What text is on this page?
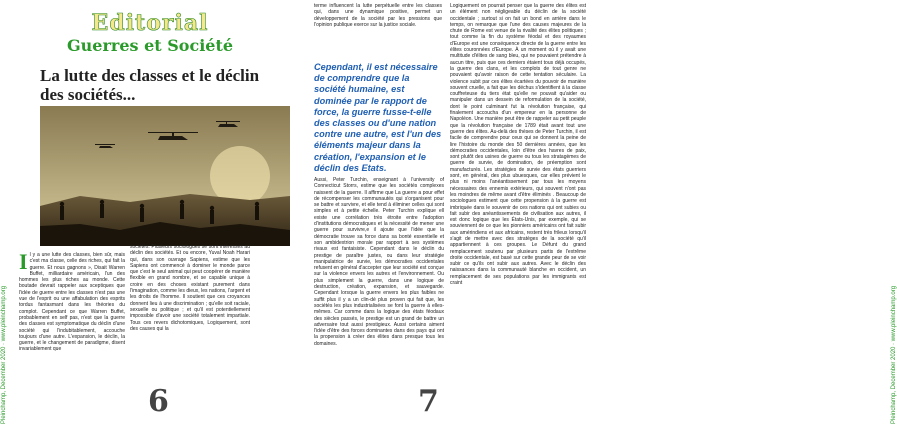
Pleinchamp, December 2020 · www.pleinchamp.org
Editorial
Guerres et Société
La lutte des classes et le déclin des sociétés...
I l y a une lutte des classes, bien sûr, mais c'est ma classe, celle des riches, qui fait la guerre. Et nous gagnons », Disait Warren Buffet, milliardaire américain, l'un des hommes les plus riches au monde. Cette boutade devrait rappeler aux sceptiques que l'idée de guerre entre les classes n'est pas une vue de l'esprit ou une affabulation des esprits tordus fantasmant dans les théories du complot. Cependant ce que Warren Buffet, probablement en self pas, n'est que la guerre des classes est symptomatique du déclin d'une société qui l'indubitablement, accouche toujours d'une autre. L'expansion, le déclin, la guerre, et le changement de paradigme, disent invariablement que
sociétés. Plusieurs sociologues se sont intéressés au déclin des sociétés. Et ou encore, Yuval Noah Harari qui, dans son ouvrage Sapiens, estime que les Sapiens ont commencé à dominer le monde parce que c'est le seul animal qui peut coopérer de manière flexible en grand nombre, et se capable unique à croire en des choses existant purement dans l'imagination, comme les dieux, les nations, l'argent et les droits de l'homme. Il soutient que ces croyances donnent lieu à une discrimination ; qu'elle soit raciale, sexuelle ou politique ; et qu'il est potentiellement impossible d'avoir une société totalement impartiale. Tous ces revers dichotomiques, Logiquement, sont des causes qui la
6
terme influencent la lutte perpétuelle entre les classes qui, dans une dynamique positive, permet un développement de la société par les pressions que l'opinion publique exerce sur la justice sociale.
Cependant, il est nécessaire de comprendre que la société humaine, est dominée par le rapport de force, la guerre fusse-t-elle des classes ou d'une nation contre une autre, est l'un des éléments majeur dans la création, l'expansion et le déclin des Etats.
Aussi, Peter Turchin, enseignant à l'university of Connecticut Storrs, estime que les sociétés complexes naissent de la guerre. Il affirme que La guerre a pour effet de récompenser les communautés qui s'organisent pour se battre et survivre, et elle tend à éliminer celles qui sont simples et à petite échelle. Peter Turchin explique ell existe une corrélation très étroite entre l'adoption d'institutions démocratiques et la nécessité de mener une guerre pour survivre,e il ajoute que l'idée que la démocratie trouve sa force dans sa bonté essentielle et son ambidextrion morale par rapport à ses systèmes rivaux est fantaisiste. Cependant dans le déclin du prestige de paraître justes, ou dans leur stratégie manipulatrice de survie, les démocraties occidentales refusent en général d'accepter que leur société est conçue sur la violence envers les autres et l'environnement. Ou plus simplement la guerre, dans une logique de destruction, création, expansion, et sauvegarde. Cependant lorsque la guerre envers les plus faibles ne suffit plus il y a un clin-dé plus proven qui fait que, les sociétés les plus industrialisées se font la guerre à elles-mêmes. Car comme dans la logique des états féodaux des siècles passés, le prestige est un grand de battre un adversaire tout aussi prestigieux. Aussi certains aiment l'idée d'être des forces dominantes dans des pays qui ont la propension à créer des élites dans presque tous les domaines.
Logiquement on pourrait penser que la guerre des élites est un élément non négligeable du déclin de la société occidentale ; surtout si on fait un bond en arrière dans le temps, on remarque que l'une des causes majeures de la chute de Rome est venue de la rivalité des élites politiques ; tout comme la fin du système féodal et des royaumes d'Europe est une conséquence directe de la guerre entre les élites couronnées d'Europe. À un moment où il y avait une multitude d'élites de sang bleu, qui ne pouvaient prétendre à aucun titre, puis que ces derniers étaient tous déjà occupés, la guerre des clans, et les complots de tout genre ne pouvaient qu'avoir raison de cette tentation séculaire. La violence subit par ces élites écartées du pouvoir de manière souvent cruelle, a fait que les déchus s'identifient à la classe couffreteuse du tiers état qu'elle ne pouvait qu'aider ou manipuler dans un dessein de reformulation de la société, dont le point culminant fut la révolution française, qui finalement accoucha d'un empereur en la personne de Napoléon. Une manière peut être de rappeler au petit peuple que la révolution française de 1789 était avant tout une guerre des élites. Au-delà des thèses de Peter Turchin, il est facile de comprendre pour ceux qui se donnent la peine de lire l'histoire du monde des 50 dernières années, que les démocraties occidentales, loin d'être des havres de paix, sont plutôt des usines de guerre ou tous les stratagèmes de guerre de survie, de domination, de préemption sont manufacturés. Les stratégies de survie des états guerriers sont, en général, des plus ubuesques, car elles prévient le plus ni moins l'anéantissement par tous les moyens nécessaires des ennemis extérieurs, qui souvent n'ont pas les moindres de même avant d'être éliminés . Beaucoup de sociologues estiment que cette propension à la guerre est imbriquée dans le souvenir de ces nations qui ont subies ou fait subir des anéantissements de civilisation aux autres, il est donc logique que les États-Unis, par exemple, qui se souviennent de ce que les pionniers américains ont fait subir aux amérindiens et aux africains, restent très frileux lorsqu'il s'agit de mettre avec des stratèges de la société qu'il appartiennent à ces groupes. Le Défunt du grand remplacement soutenu par plusieurs partis de l'extrême droite occidentale, est basé sur cette grande peur de se voir subir ce qu'ils ont subir aux autres. Avec le déclin des naissances dans la communauté blanche en occident, un remplacement de ses populations par les immigrants est craint
7	Pleinchamp, December 2020 · www.pleinchamp.org
